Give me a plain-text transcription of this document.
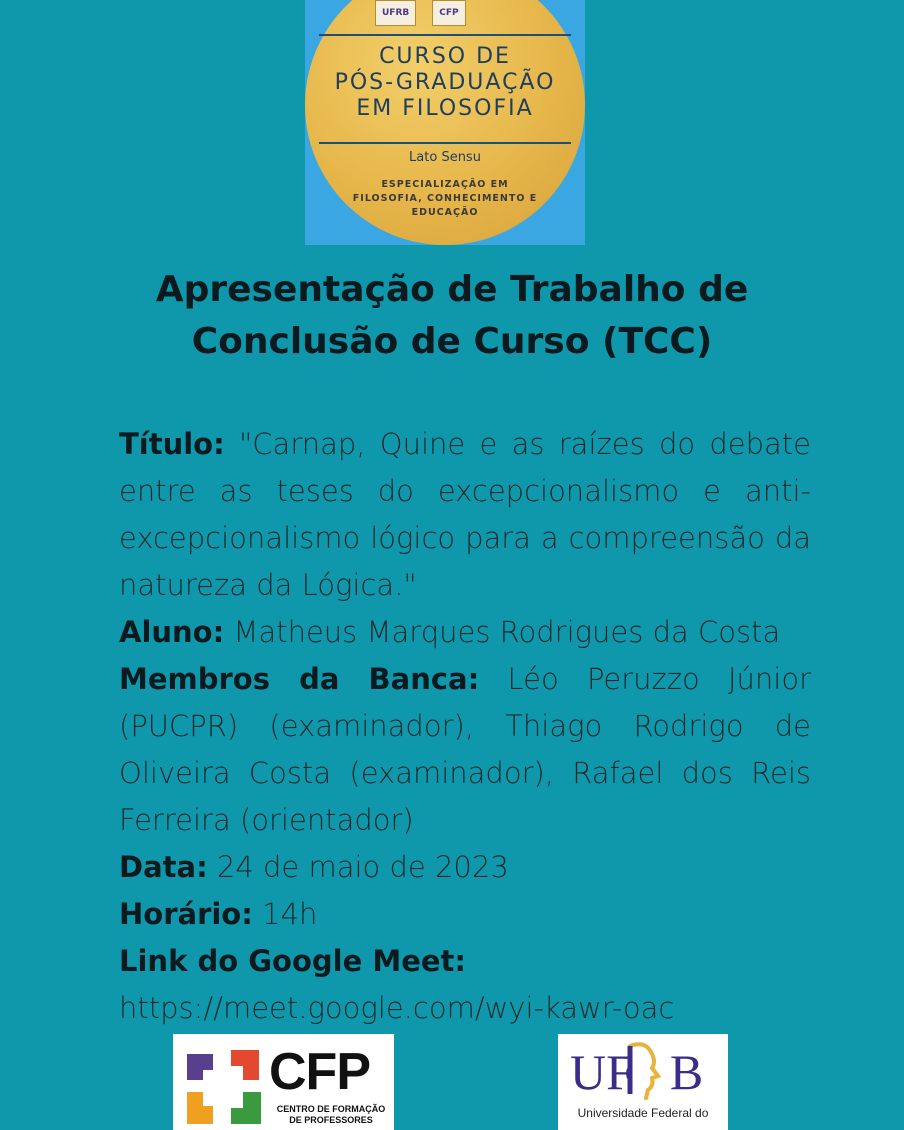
UFRB	CFP
CURSO DE
PÓS-GRADUAÇÃO
EM FILOSOFIA
Lato Sensu
ESPECIALIZAÇÃO EM
FILOSOFIA, CONHECIMENTO E
EDUCAÇÃO
Apresentação de Trabalho de
Conclusão de Curso (TCC)

Título: "Carnap, Quine e as raízes do debate entre as teses do excepcionalismo e anti-excepcionalismo lógico para a compreensão da natureza da Lógica."

Aluno: Matheus Marques Rodrigues da Costa

Membros da Banca: Léo Peruzzo Júnior (PUCPR) (examinador), Thiago Rodrigo de Oliveira Costa (examinador), Rafael dos Reis Ferreira (orientador)

Data: 24 de maio de 2023

Horário: 14h

Link do Google Meet:

https://meet.google.com/wyi-kawr-oac

CFP
CENTRO DE FORMAÇÃO
DE PROFESSORES
UF B
Universidade Federal do
